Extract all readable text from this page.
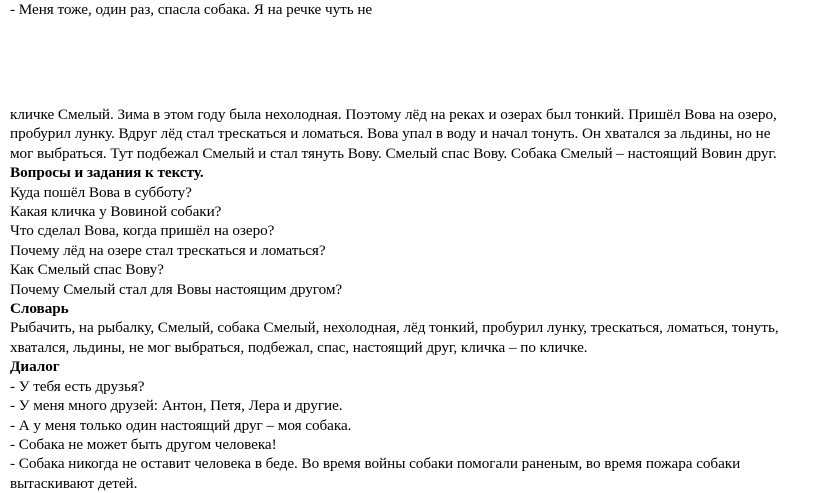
- Меня тоже, один раз, спасла собака. Я на речке чуть не
кличке Смелый. Зима в этом году была нехолодная. Поэтому лёд на реках и озерах был тонкий. Пришёл Вова на озеро,
пробурил лунку. Вдруг лёд стал трескаться и ломаться. Вова упал в воду и начал тонуть. Он хватался за льдины, но не
мог выбраться. Тут подбежал Смелый и стал тянуть Вову. Смелый спас Вову. Собака Смелый – настоящий Вовин друг.
Вопросы и задания к тексту.
Куда пошёл Вова в субботу?
Какая кличка у Вовиной собаки?
Что сделал Вова, когда пришёл на озеро?
Почему лёд на озере стал трескаться и ломаться?
Как Смелый спас Вову?
Почему Смелый стал для Вовы настоящим другом?
Словарь
Рыбачить, на рыбалку, Смелый, собака Смелый, нехолодная, лёд тонкий, пробурил лунку, трескаться, ломаться, тонуть,
хватался, льдины, не мог выбраться, подбежал, спас, настоящий друг, кличка – по кличке.
Диалог
- У тебя есть друзья?
- У меня много друзей: Антон, Петя, Лера и другие.
- А у меня только один настоящий друг – моя собака.
- Собака не может быть другом человека!
- Собака никогда не оставит человека в беде. Во время войны собаки помогали раненым, во время пожара собаки
вытаскивают детей.
